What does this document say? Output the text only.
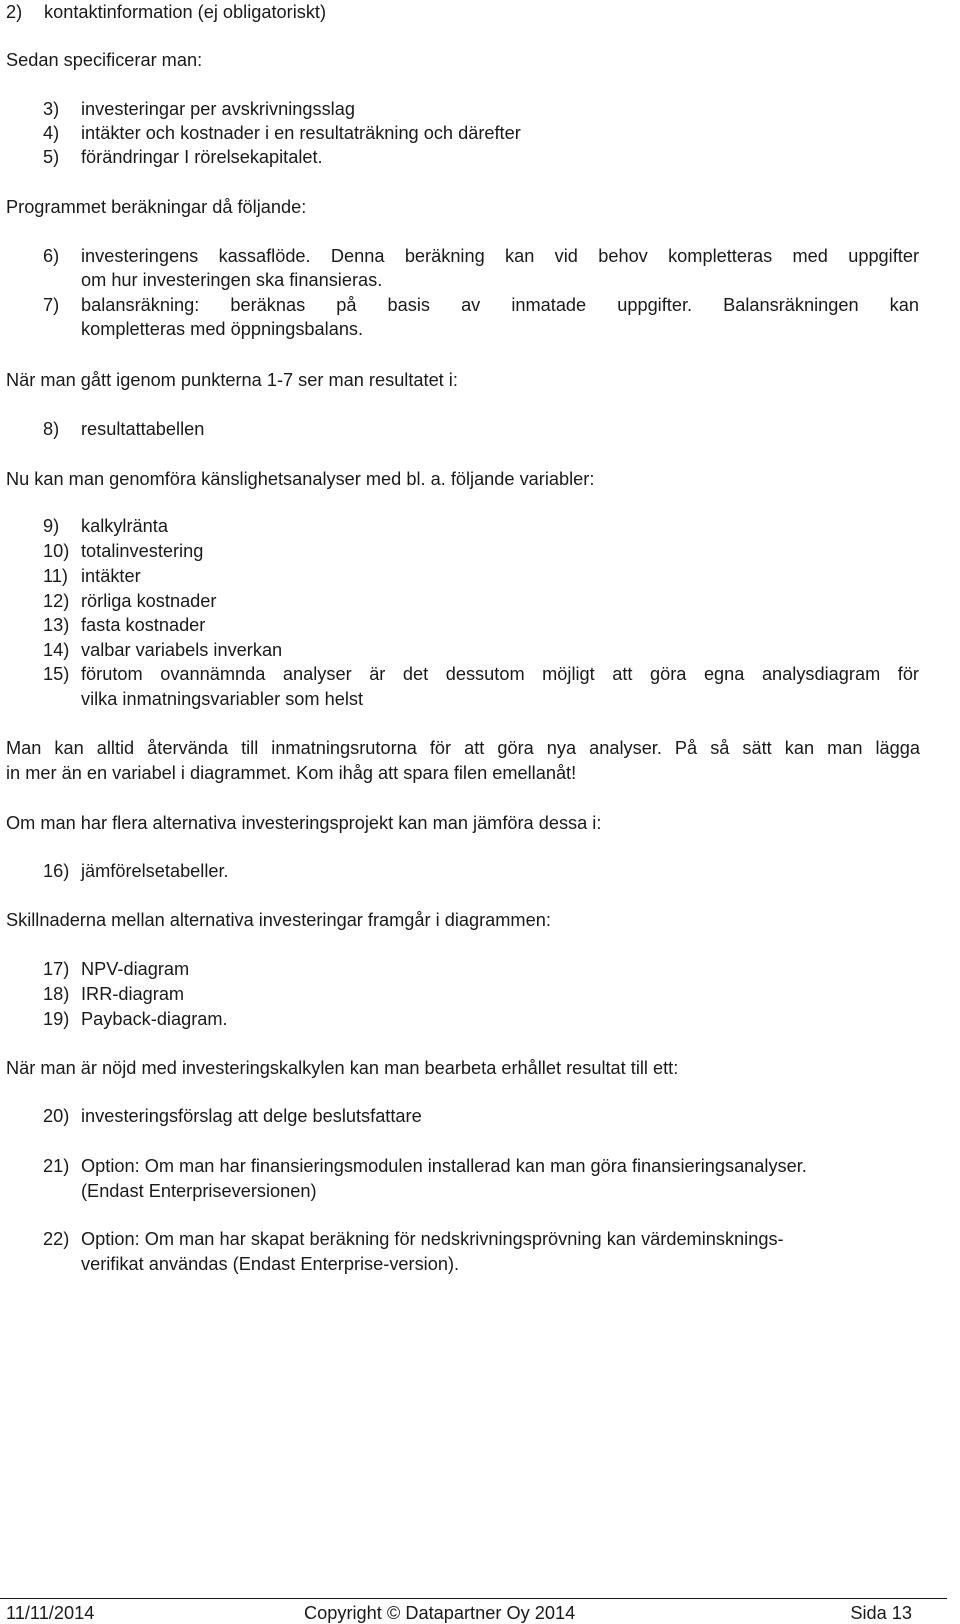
2) kontaktinformation (ej obligatoriskt)
Sedan specificerar man:
3) investeringar per avskrivningsslag
4) intäkter och kostnader i en resultaträkning och därefter
5) förändringar I rörelsekapitalet.
Programmet beräkningar då följande:
6) investeringens kassaflöde. Denna beräkning kan vid behov kompletteras med uppgifter
om hur investeringen ska finansieras.
7) balansräkning: beräknas på basis av inmatade uppgifter. Balansräkningen kan
kompletteras med öppningsbalans.
När man gått igenom punkterna 1-7 ser man resultatet i:
8) resultattabellen
Nu kan man genomföra känslighetsanalyser med bl. a. följande variabler:
9) kalkylränta
10) totalinvestering
11) intäkter
12) rörliga kostnader
13) fasta kostnader
14) valbar variabels inverkan
15) förutom ovannämnda analyser är det dessutom möjligt att göra egna analysdiagram för
vilka inmatningsvariabler som helst
Man kan alltid återvända till inmatningsrutorna för att göra nya analyser. På så sätt kan man lägga
in mer än en variabel i diagrammet. Kom ihåg att spara filen emellanåt!
Om man har flera alternativa investeringsprojekt kan man jämföra dessa i:
16) jämförelsetabeller.
Skillnaderna mellan alternativa investeringar framgår i diagrammen:
17) NPV-diagram
18) IRR-diagram
19) Payback-diagram.
När man är nöjd med investeringskalkylen kan man bearbeta erhållet resultat till ett:
20) investeringsförslag att delge beslutsfattare
21) Option: Om man har finansieringsmodulen installerad kan man göra finansieringsanalyser.
(Endast Enterpriseversionen)
22) Option: Om man har skapat beräkning för nedskrivningsprövning kan värdeminsknings-
verifikat användas (Endast Enterprise-version).
11/11/2014	Copyright © Datapartner Oy 2014	Sida 13
